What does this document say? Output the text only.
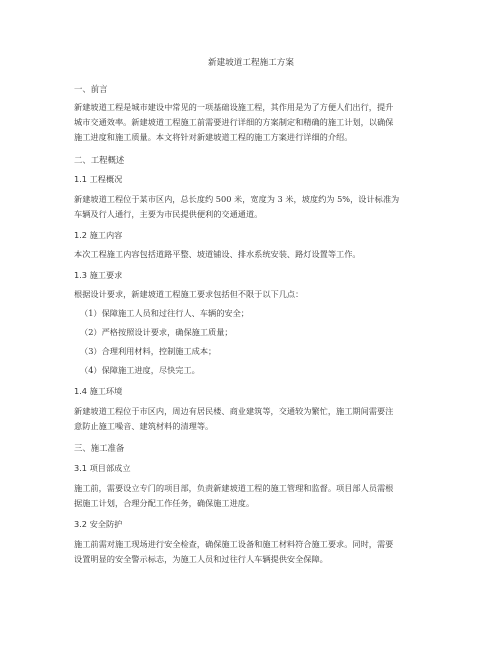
新建坡道工程施工方案
一、前言
新建坡道工程是城市建设中常见的一项基础设施工程，其作用是为了方便人们出行，提升
城市交通效率。新建坡道工程施工前需要进行详细的方案制定和精确的施工计划，以确保
施工进度和施工质量。本文将针对新建坡道工程的施工方案进行详细的介绍。
二、工程概述
1.1 工程概况
新建坡道工程位于某市区内，总长度约 500 米，宽度为 3 米，坡度约为 5%，设计标准为
车辆及行人通行，主要为市民提供便利的交通通道。
1.2 施工内容
本次工程施工内容包括道路平整、坡道铺设、排水系统安装、路灯设置等工作。
1.3 施工要求
根据设计要求，新建坡道工程施工要求包括但不限于以下几点：
（1）保障施工人员和过往行人、车辆的安全；
（2）严格按照设计要求，确保施工质量；
（3）合理利用材料，控制施工成本；
（4）保障施工进度，尽快完工。
1.4 施工环境
新建坡道工程位于市区内，周边有居民楼、商业建筑等，交通较为繁忙，施工期间需要注
意防止施工噪音、建筑材料的清理等。
三、施工准备
3.1 项目部成立
施工前，需要设立专门的项目部，负责新建坡道工程的施工管理和监督。项目部人员需根
据施工计划，合理分配工作任务，确保施工进度。
3.2 安全防护
施工前需对施工现场进行安全检查，确保施工设备和施工材料符合施工要求。同时，需要
设置明显的安全警示标志，为施工人员和过往行人车辆提供安全保障。
